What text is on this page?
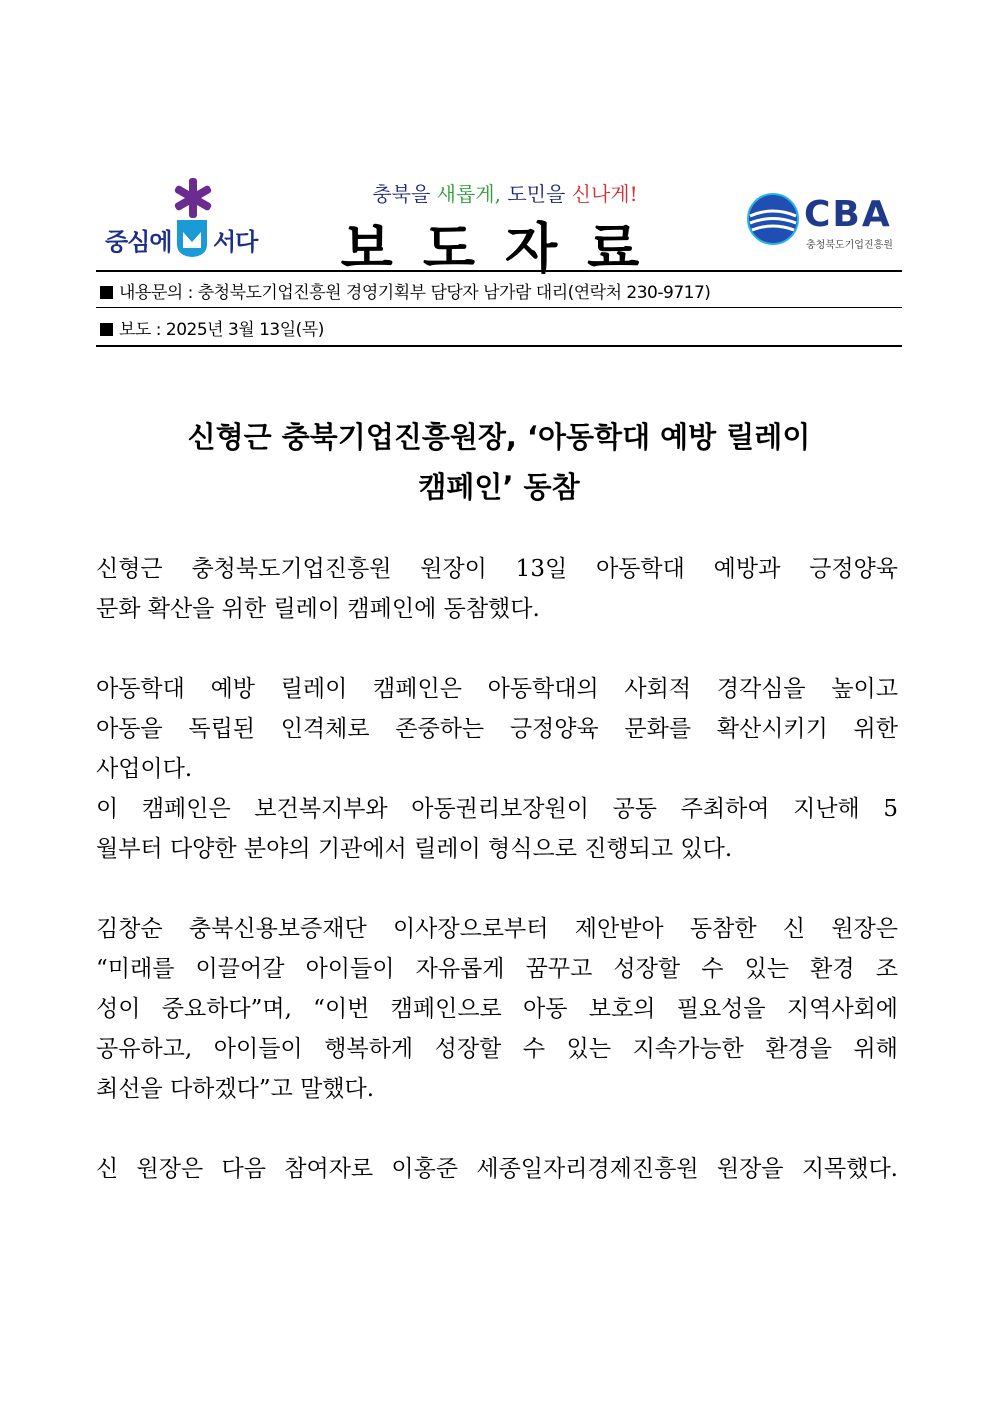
중심에 서다
충북을 새롭게, 도민을 신나게!
보도자료
CBA
충청북도기업진흥원
내용문의 : 충청북도기업진흥원 경영기획부 담당자 남가람 대리(연락처 230-9717)
보도 : 2025년 3월 13일(목)
신형근 충북기업진흥원장, ‘아동학대 예방 릴레이
캠페인’ 동참
신형근 충청북도기업진흥원 원장이 13일 아동학대 예방과 긍정양육
문화 확산을 위한 릴레이 캠페인에 동참했다.
아동학대 예방 릴레이 캠페인은 아동학대의 사회적 경각심을 높이고
아동을 독립된 인격체로 존중하는 긍정양육 문화를 확산시키기 위한
사업이다.
이 캠페인은 보건복지부와 아동권리보장원이 공동 주최하여 지난해 5
월부터 다양한 분야의 기관에서 릴레이 형식으로 진행되고 있다.
김창순 충북신용보증재단 이사장으로부터 제안받아 동참한 신 원장은
“미래를 이끌어갈 아이들이 자유롭게 꿈꾸고 성장할 수 있는 환경 조
성이 중요하다”며, “이번 캠페인으로 아동 보호의 필요성을 지역사회에
공유하고, 아이들이 행복하게 성장할 수 있는 지속가능한 환경을 위해
최선을 다하겠다”고 말했다.
신 원장은 다음 참여자로 이홍준 세종일자리경제진흥원 원장을 지목했다.
